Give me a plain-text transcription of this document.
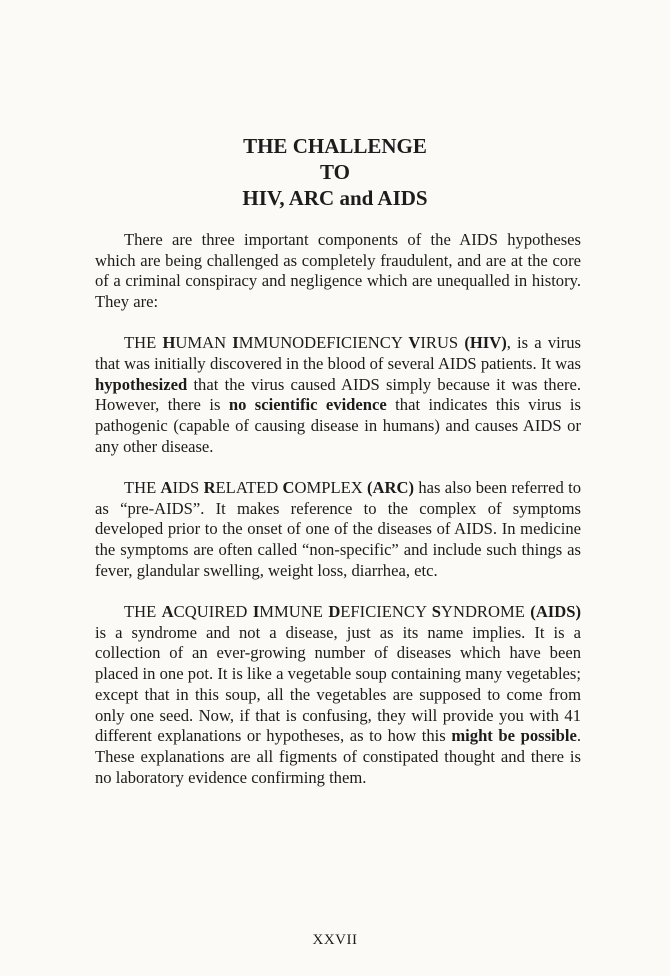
THE CHALLENGE
TO
HIV, ARC and AIDS

There are three important components of the AIDS hypotheses which are being challenged as completely fraudulent, and are at the core of a criminal conspiracy and negligence which are unequalled in history. They are:

THE HUMAN IMMUNODEFICIENCY VIRUS (HIV), is a virus that was initially discovered in the blood of several AIDS patients. It was hypothesized that the virus caused AIDS simply because it was there. However, there is no scientific evidence that indicates this virus is pathogenic (capable of causing disease in humans) and causes AIDS or any other disease.

THE AIDS RELATED COMPLEX (ARC) has also been referred to as “pre-AIDS”. It makes reference to the complex of symptoms developed prior to the onset of one of the diseases of AIDS. In medicine the symptoms are often called “non-specific” and include such things as fever, glandular swelling, weight loss, diarrhea, etc.

THE ACQUIRED IMMUNE DEFICIENCY SYNDROME (AIDS) is a syndrome and not a disease, just as its name implies. It is a collection of an ever-growing number of diseases which have been placed in one pot. It is like a vegetable soup containing many vegetables; except that in this soup, all the vegetables are supposed to come from only one seed. Now, if that is confusing, they will provide you with 41 different explanations or hypotheses, as to how this might be possible. These explanations are all figments of constipated thought and there is no laboratory evidence confirming them.

XXVII
